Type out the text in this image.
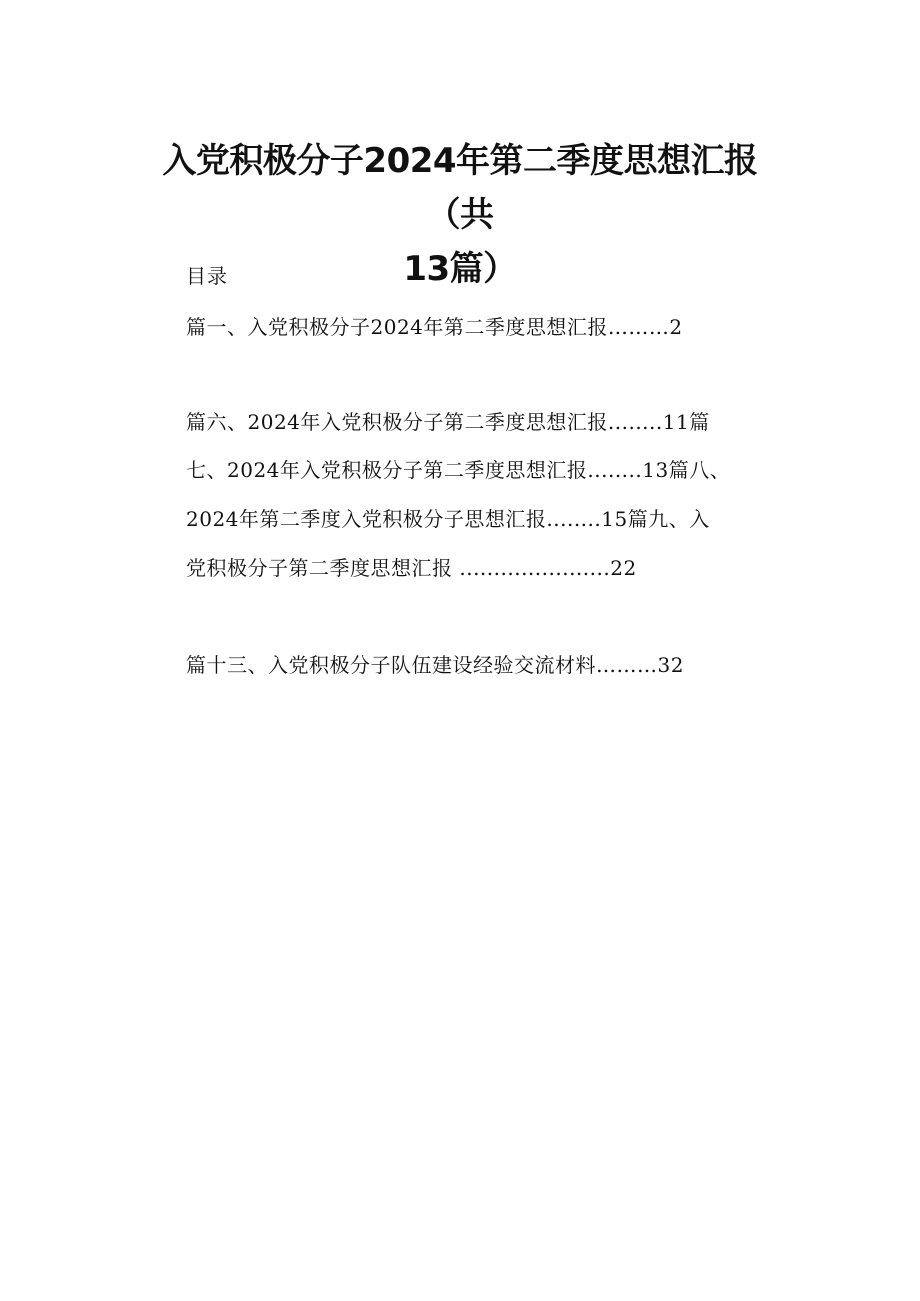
入党积极分子2024年第二季度思想汇报（共
13篇）
目录
篇一、入党积极分子2024年第二季度思想汇报………2
篇六、2024年入党积极分子第二季度思想汇报........11篇
七、2024年入党积极分子第二季度思想汇报........13篇八、
2024年第二季度入党积极分子思想汇报........15篇九、入
党积极分子第二季度思想汇报 ......................22
篇十三、入党积极分子队伍建设经验交流材料………32
